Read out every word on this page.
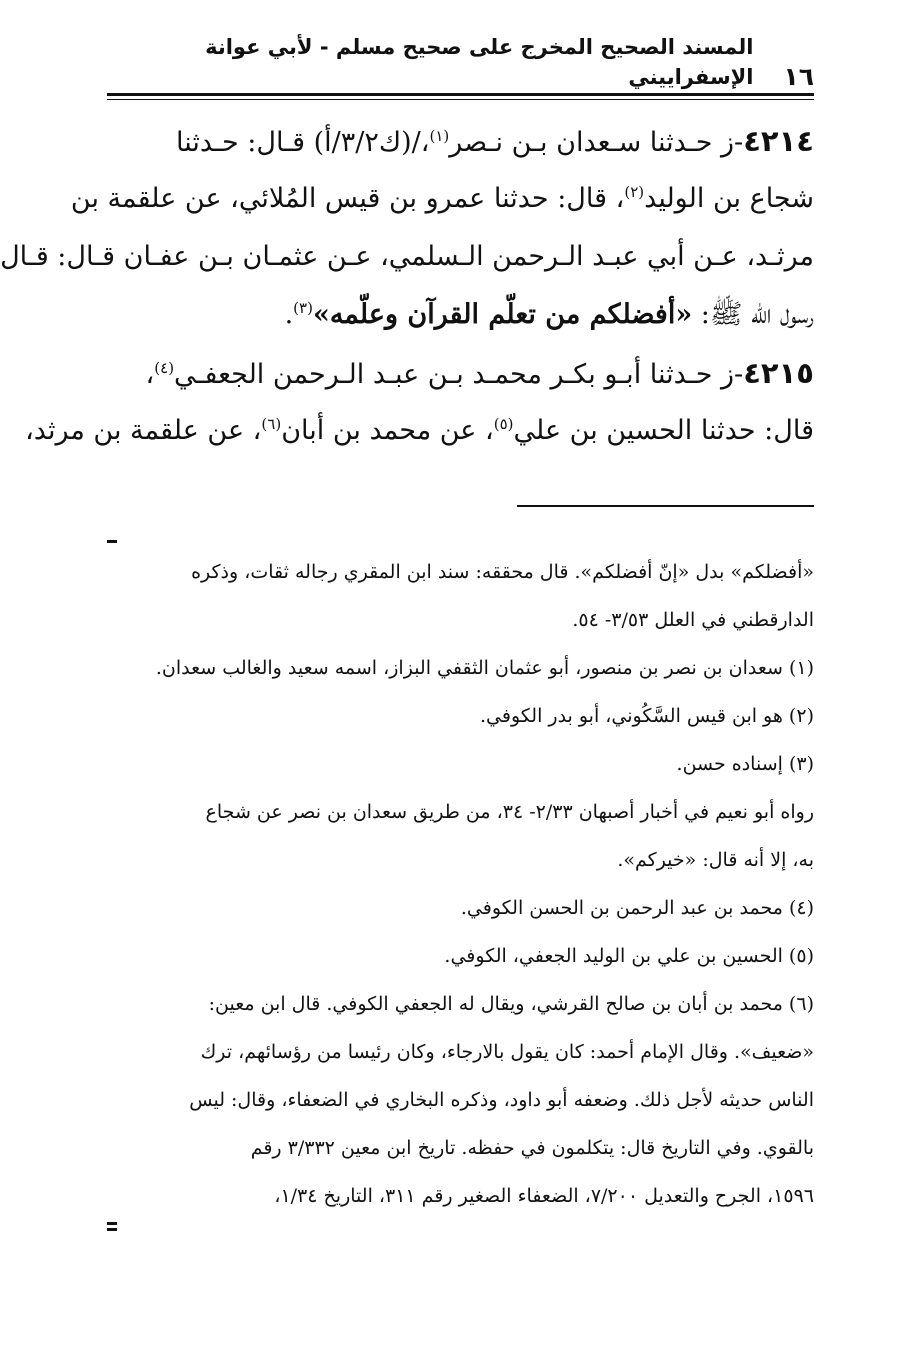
١٦
المسند الصحيح المخرج على صحيح مسلم - لأبي عوانة الإسفراييني
٤٢١٤-ز حـدثنا سـعدان بـن نـصر$^{(١)}$،/(ك٣/٢/أ) قـال: حـدثنا
شجاع بن الوليد$^{(٢)}$، قال: حدثنا عمرو بن قيس المُلائي، عن علقمة بن
مرثـد، عـن أبي عبـد الـرحمن الـسلمي، عـن عثمـان بـن عفـان قـال: قـال
رسول الله ﷺ: «أفضلكم من تعلّم القرآن وعلّمه»$^{(٣)}$.
٤٢١٥-ز حـدثنا أبـو بكـر محمـد بـن عبـد الـرحمن الجعفـي$^{(٤)}$،
قال: حدثنا الحسين بن علي$^{(٥)}$، عن محمد بن أبان$^{(٦)}$، عن علقمة بن مرثد،
«أفضلكم» بدل «إنّ أفضلكم». قال محققه: سند ابن المقري رجاله ثقات، وذكره
الدارقطني في العلل ٣/٥٣- ٥٤.
(١) سعدان بن نصر بن منصور، أبو عثمان الثقفي البزاز، اسمه سعيد والغالب سعدان.
(٢) هو ابن قيس السَّكُوني، أبو بدر الكوفي.
(٣) إسناده حسن.
رواه أبو نعيم في أخبار أصبهان ٢/٣٣- ٣٤، من طريق سعدان بن نصر عن شجاع
به، إلا أنه قال: «خيركم».
(٤) محمد بن عبد الرحمن بن الحسن الكوفي.
(٥) الحسين بن علي بن الوليد الجعفي، الكوفي.
(٦) محمد بن أبان بن صالح القرشي، ويقال له الجعفي الكوفي. قال ابن معين:
«ضعيف». وقال الإمام أحمد: كان يقول بالارجاء، وكان رئيسا من رؤسائهم، ترك
الناس حديثه لأجل ذلك. وضعفه أبو داود، وذكره البخاري في الضعفاء، وقال: ليس
بالقوي. وفي التاريخ قال: يتكلمون في حفظه. تاريخ ابن معين ٣/٣٣٢ رقم
١٥٩٦، الجرح والتعديل ٧/٢٠٠، الضعفاء الصغير رقم ٣١١، التاريخ ١/٣٤،
